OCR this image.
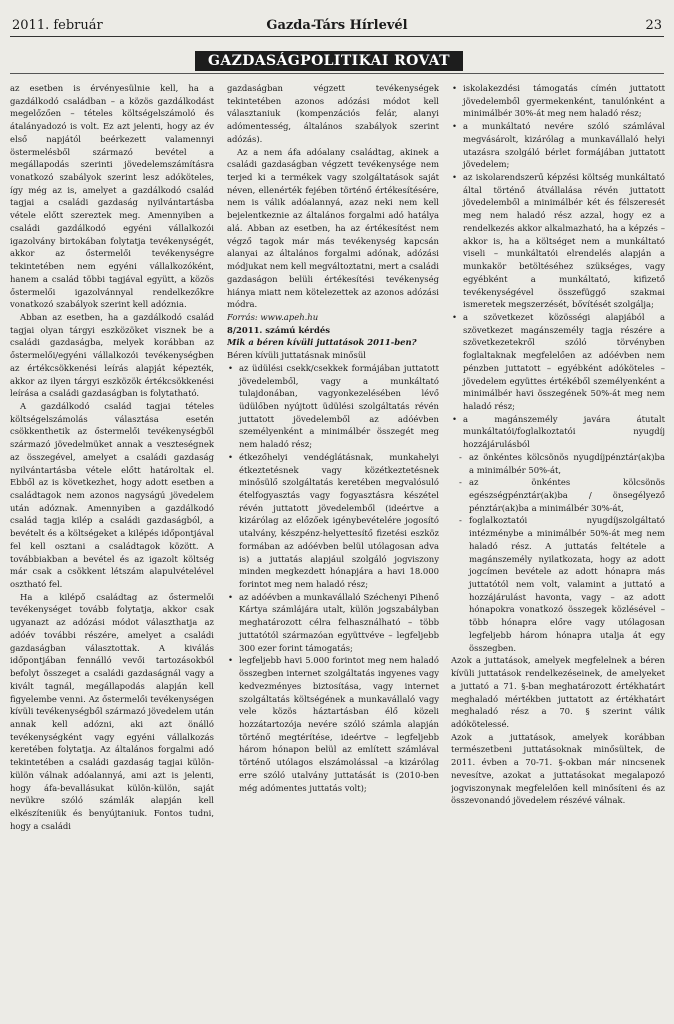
2011. február	Gazda-Társ Hírlevél	23
GAZDASÁGPOLITIKAI ROVAT

az esetben is érvényesülnie kell, ha a gazdálkodó családban – a közös gazdálkodást megelőzően – tételes költségelszámoló és átalányadozó is volt. Ez azt jelenti, hogy az év első napjától beérkezett valamennyi östermelésből származó bevétel a megállapodás szerinti jövedelemszámításra vonatkozó szabályok szerint lesz adóköteles, így még az is, amelyet a gazdálkodó család tagjai a családi gazdaság nyilvántartásba vétele előtt szereztek meg. Amennyiben a családi gazdálkodó egyéni vállalkozói igazolvány birtokában folytatja tevékenységét, akkor az őstermelői tevékenységre tekintetében nem egyéni vállalkozóként, hanem a család többi tagjával együtt, a közös őstermelői igazolvánnyal rendelkezőkre vonatkozó szabályok szerint kell adóznia.

Abban az esetben, ha a gazdálkodó család tagjai olyan tárgyi eszközöket visznek be a családi gazdaságba, melyek korábban az őstermelői/egyéni vállalkozói tevékenységben az értékcsökkenési leírás alapját képezték, akkor az ilyen tárgyi eszközök értékcsökkenési leírása a családi gazdaságban is folytatható.

A gazdálkodó család tagjai tételes költségelszámolás választása esetén csökkenthetik az őstermelői tevékenységből származó jövedelmüket annak a veszteségnek az összegével, amelyet a családi gazdaság nyilvántartásba vétele előtt határoltak el. Ebből az is következhet, hogy adott esetben a családtagok nem azonos nagyságú jövedelem után adóznak. Amennyiben a gazdálkodó család tagja kilép a családi gazdaságból, a bevételt és a költségeket a kilépés időpontjával fel kell osztani a családtagok között. A továbbiakban a bevétel és az igazolt költség már csak a csökkent létszám alapulvételével osztható fel.

Ha a kilépő családtag az őstermelői tevékenységet tovább folytatja, akkor csak ugyanazt az adózási módot választhatja az adóév további részére, amelyet a családi gazdaságban választottak. A kiválás időpontjában fennálló vevői tartozásokból befolyt összeget a családi gazdaságnál vagy a kivált tagnál, megállapodás alapján kell figyelembe venni. Az őstermelői tevékenységen kívüli tevékenységből származó jövedelem után annak kell adózni, aki azt önálló tevékenységként vagy egyéni vállalkozás keretében folytatja. Az általános forgalmi adó tekintetében a családi gazdaság tagjai külön-külön válnak adóalannyá, ami azt is jelenti, hogy áfa-bevallásukat külön-külön, saját nevükre szóló számlák alapján kell elkészíteniük és benyújtaniuk. Fontos tudni, hogy a családi

gazdaságban végzett tevékenységek tekintetében azonos adózási módot kell választaniuk (kompenzációs felár, alanyi adómentesség, általános szabályok szerint adózás).

Az a nem áfa adóalany családtag, akinek a családi gazdaságban végzett tevékenysége nem terjed ki a termékek vagy szolgáltatások saját néven, ellenérték fejében történő értékesítésére, nem is válik adóalannyá, azaz neki nem kell bejelentkeznie az általános forgalmi adó hatálya alá. Abban az esetben, ha az értékesítést nem végző tagok már más tevékenység kapcsán alanyai az általános forgalmi adónak, adózási módjukat nem kell megváltoztatni, mert a családi gazdaságon belüli értékesítési tevékenység hiánya miatt nem kötelezettek az azonos adózási módra.

Forrás: www.apeh.hu

8/2011. számú kérdés

Mik a béren kívüli juttatások 2011-ben?

Béren kívüli juttatásnak minősül

• az üdülési csekk/csekkek formájában juttatott jövedelemből, vagy a munkáltató tulajdonában, vagyonkezelésében lévő üdülőben nyújtott üdülési szolgáltatás révén juttatott jövedelemből az adóévben személyenként a minimálbér összegét meg nem haladó rész;
• étkezőhelyi vendéglátásnak, munkahelyi étkeztetésnek vagy közétkeztetésnek minősülő szolgáltatás keretében megvalósuló ételfogyasztás vagy fogyasztásra készétel révén juttatott jövedelemből (ideértve a kizárólag az előzőek igénybevételére jogosító utalvány, készpénz-helyettesítő fizetési eszköz formában az adóévben belül utólagosan adva is) a juttatás alapjául szolgáló jogviszony minden megkezdett hónapjára a havi 18.000 forintot meg nem haladó rész;
• az adóévben a munkavállaló Széchenyi Pihenő Kártya számlájára utalt, külön jogszabályban meghatározott célra felhasználható – több juttatótól származóan együttvéve – legfeljebb 300 ezer forint támogatás;
• legfeljebb havi 5.000 forintot meg nem haladó összegben internet szolgáltatás ingyenes vagy kedvezményes biztosítása, vagy internet szolgáltatás költségének a munkavállaló vagy vele közös háztartásban élő közeli hozzátartozója nevére szóló számla alapján történő megtérítése, ideértve – legfeljebb három hónapon belül az említett számlával történő utólagos elszámolással –a kizárólag erre szóló utalvány juttatását is (2010-ben még adómentes juttatás volt);
• iskolakezdési támogatás címén juttatott jövedelemből gyermekenként, tanulónként a minimálbér 30%-át meg nem haladó rész;
• a munkáltató nevére szóló számlával megvásárolt, kizárólag a munkavállaló helyi utazásra szolgáló bérlet formájában juttatott jövedelem;
• az iskolarendszerű képzési költség munkáltató által történő átvállalása révén juttatott jövedelemből a minimálbér két és félszeresét meg nem haladó rész azzal, hogy ez a rendelkezés akkor alkalmazható, ha a képzés – akkor is, ha a költséget nem a munkáltató viseli – munkáltatói elrendelés alapján a munkakör betöltéséhez szükséges, vagy egyébként a munkáltató, kifizető tevékenységével összefüggő szakmai ismeretek megszerzését, bővítését szolgálja;
• a szövetkezet közösségi alapjából a szövetkezet magánszemély tagja részére a szövetkezetekről szóló törvényben foglaltaknak megfelelően az adóévben nem pénzben juttatott – egyébként adóköteles – jövedelem együttes értékéből személyenként a minimálbér havi összegének 50%-át meg nem haladó rész;
• a magánszemély javára átutalt munkáltatói/foglalkoztatói nyugdíj hozzájárulásból
- az önkéntes kölcsönös nyugdíjpénztár(ak)ba a minimálbér 50%-át,
- az önkéntes kölcsönös egészségpénztár(ak)ba / önsegélyező pénztár(ak)ba a minimálbér 30%-át,
- foglalkoztatói nyugdíjszolgáltató intézménybe a minimálbér 50%-át meg nem haladó rész. A juttatás feltétele a magánszemély nyilatkozata, hogy az adott jogcímen bevétele az adott hónapra más juttatótól nem volt, valamint a juttató a hozzájárulást havonta, vagy – az adott hónapokra vonatkozó összegek közlésével – több hónapra előre vagy utólagosan legfeljebb három hónapra utalja át egy összegben.

Azok a juttatások, amelyek megfelelnek a béren kívüli juttatások rendelkezéseinek, de amelyeket a juttató a 71. §-ban meghatározott értékhatárt meghaladó mértékben juttatott az értékhatárt meghaladó rész a 70. § szerint válik adókötelessé.

Azok a juttatások, amelyek korábban természetbeni juttatásoknak minősültek, de 2011. évben a 70-71. §-okban már nincsenek nevesítve, azokat a juttatásokat megalapozó jogviszonynak megfelelően kell minősíteni és az összevonandó jövedelem részévé válnak.
